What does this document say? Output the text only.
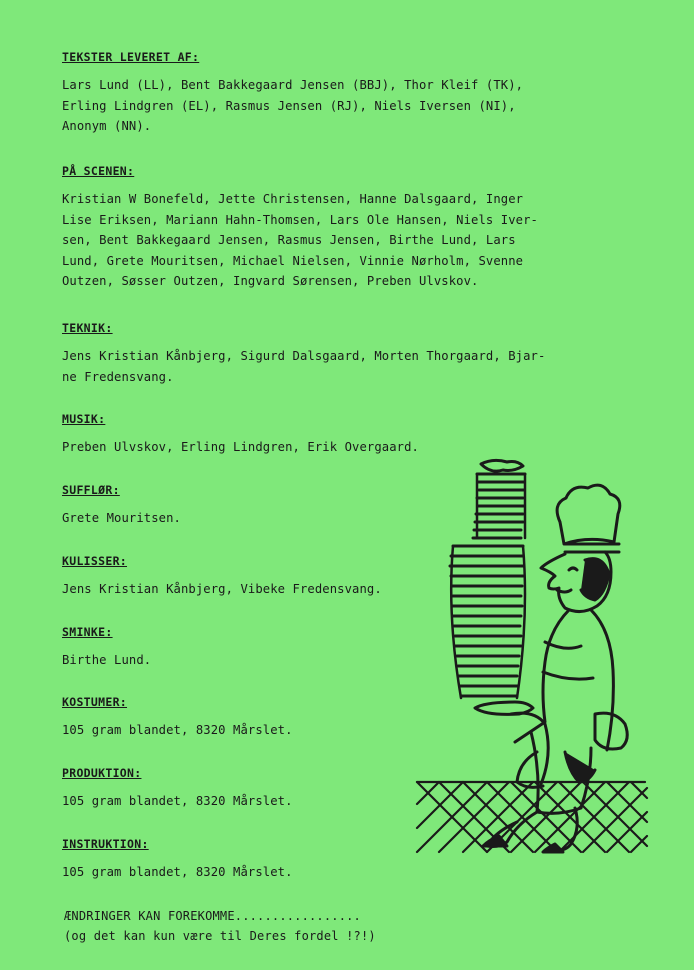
TEKSTER LEVERET AF:
Lars Lund (LL), Bent Bakkegaard Jensen (BBJ), Thor Kleif (TK),
Erling Lindgren (EL), Rasmus Jensen (RJ), Niels Iversen (NI),
Anonym (NN).
PÅ SCENEN:
Kristian W Bonefeld, Jette Christensen, Hanne Dalsgaard, Inger
Lise Eriksen, Mariann Hahn-Thomsen, Lars Ole Hansen, Niels Iver-
sen, Bent Bakkegaard Jensen, Rasmus Jensen, Birthe Lund, Lars
Lund, Grete Mouritsen, Michael Nielsen, Vinnie Nørholm, Svenne
Outzen, Søsser Outzen, Ingvard Sørensen, Preben Ulvskov.
TEKNIK:
Jens Kristian Kånbjerg, Sigurd Dalsgaard, Morten Thorgaard, Bjar-
ne Fredensvang.
MUSIK:
Preben Ulvskov, Erling Lindgren, Erik Overgaard.
SUFFLØR:
Grete Mouritsen.
KULISSER:
Jens Kristian Kånbjerg, Vibeke Fredensvang.
SMINKE:
Birthe Lund.
KOSTUMER:
105 gram blandet, 8320 Mårslet.
PRODUKTION:
105 gram blandet, 8320 Mårslet.
INSTRUKTION:
105 gram blandet, 8320 Mårslet.
ÆNDRINGER KAN FOREKOMME.................
(og det kan kun være til Deres fordel !?!)
